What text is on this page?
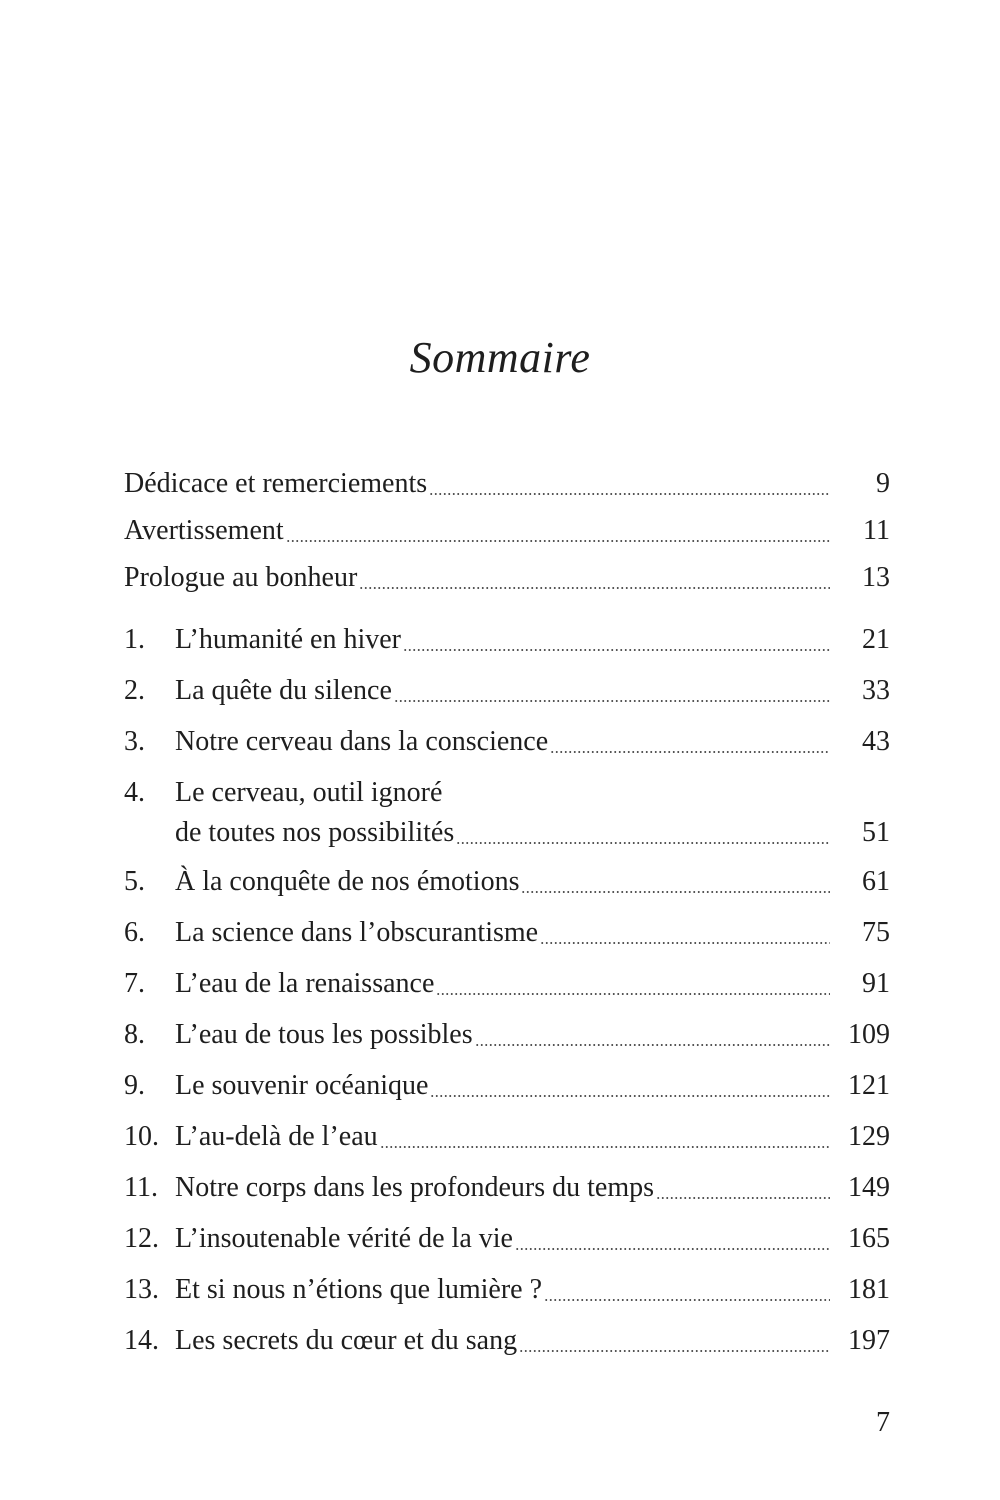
Sommaire
Dédicace et remerciements	9
Avertissement	11
Prologue au bonheur	13
1. L’humanité en hiver	21
2. La quête du silence	33
3. Notre cerveau dans la conscience	43
4. Le cerveau, outil ignoré
de toutes nos possibilités	51
5. À la conquête de nos émotions	61
6. La science dans l’obscurantisme	75
7. L’eau de la renaissance	91
8. L’eau de tous les possibles	109
9. Le souvenir océanique	121
10. L’au-delà de l’eau	129
11. Notre corps dans les profondeurs du temps	149
12. L’insoutenable vérité de la vie	165
13. Et si nous n’étions que lumière ?	181
14. Les secrets du cœur et du sang	197
7
